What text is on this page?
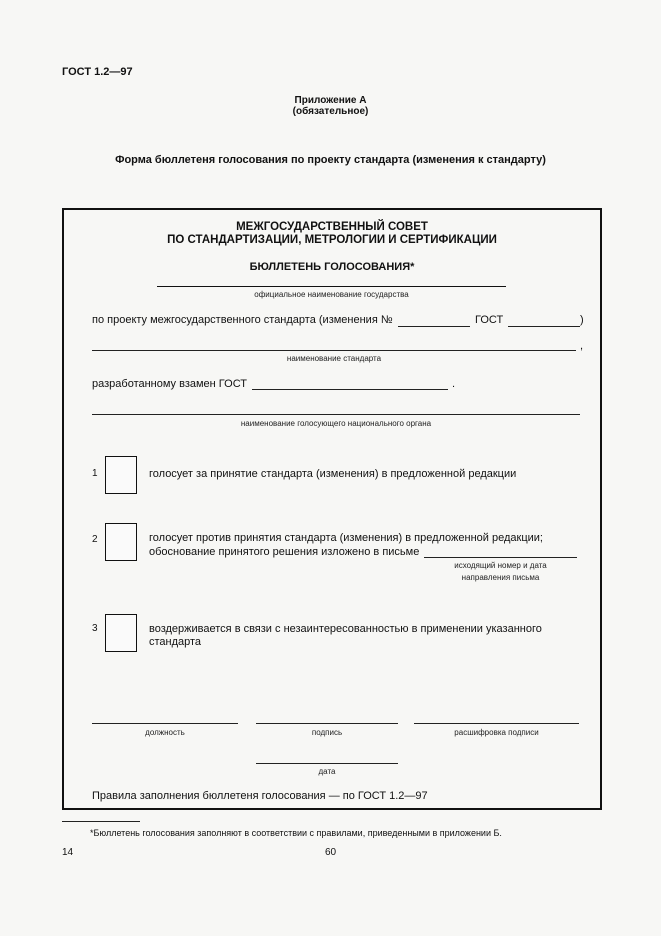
ГОСТ 1.2—97
Приложение А
(обязательное)
Форма бюллетеня голосования по проекту стандарта (изменения к стандарту)
МЕЖГОСУДАРСТВЕННЫЙ СОВЕТ
ПО СТАНДАРТИЗАЦИИ, МЕТРОЛОГИИ И СЕРТИФИКАЦИИ
БЮЛЛЕТЕНЬ ГОЛОСОВАНИЯ*
официальное наименование государства
по проекту межгосударственного стандарта (изменения №	ГОСТ	)
,
наименование стандарта
разработанному взамен ГОСТ	.
наименование голосующего национального органа
1	голосует за принятие стандарта (изменения) в предложенной редакции
2	голосует против принятия стандарта (изменения) в предложенной редакции;
обоснование принятого решения изложено в письме
исходящий номер и дата
направления письма
3	воздерживается в связи с незаинтересованностью в применении указанного
стандарта
должность	подпись	расшифровка подписи
дата
Правила заполнения бюллетеня голосования — по ГОСТ 1.2—97
*Бюллетень голосования заполняют в соответствии с правилами, приведенными в приложении Б.
14	60
